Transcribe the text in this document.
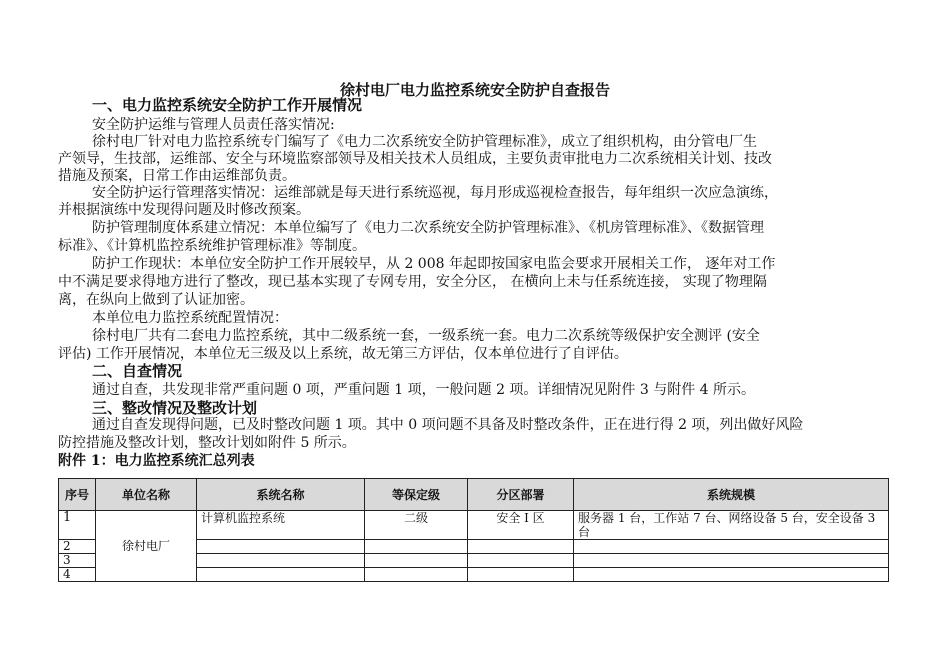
徐村电厂电力监控系统安全防护自查报告
一、电力监控系统安全防护工作开展情况
安全防护运维与管理人员责任落实情况:
徐村电厂针对电力监控系统专门编写了《电力二次系统安全防护管理标准》，成立了组织机构，由分管电厂生
产领导，生技部，运维部、安全与环境监察部领导及相关技术人员组成，主要负责审批电力二次系统相关计划、技改
措施及预案，日常工作由运维部负责。
安全防护运行管理落实情况：运维部就是每天进行系统巡视，每月形成巡视检查报告，每年组织一次应急演练，
并根据演练中发现得问题及时修改预案。
防护管理制度体系建立情况：本单位编写了《电力二次系统安全防护管理标准》、《机房管理标准》、《数据管理
标准》、《计算机监控系统维护管理标准》等制度。
防护工作现状：本单位安全防护工作开展较早，从 2 008 年起即按国家电监会要求开展相关工作， 逐年对工作
中不满足要求得地方进行了整改，现已基本实现了专网专用，安全分区， 在横向上未与任系统连接， 实现了物理隔
离，在纵向上做到了认证加密。
本单位电力监控系统配置情况：
徐村电厂共有二套电力监控系统，其中二级系统一套，一级系统一套。电力二次系统等级保护安全测评 (安全
评估) 工作开展情况，本单位无三级及以上系统，故无第三方评估，仅本单位进行了自评估。
二、自查情况
通过自查，共发现非常严重问题 0 项，严重问题 1 项，一般问题 2 项。详细情况见附件 3 与附件 4 所示。
三、整改情况及整改计划
通过自查发现得问题，已及时整改问题 1 项。其中 0 项问题不具备及时整改条件，正在进行得 2 项，列出做好风险
防控措施及整改计划，整改计划如附件 5 所示。
附件 1：电力监控系统汇总列表
序号	单位名称	系统名称	等保定级	分区部署	系统规模
1	徐村电厂	计算机监控系统	二级	安全 I 区	服务器 1 台，工作站 7 台、网络设备 5 台，安全设备 3 台
2					
3					
4					
